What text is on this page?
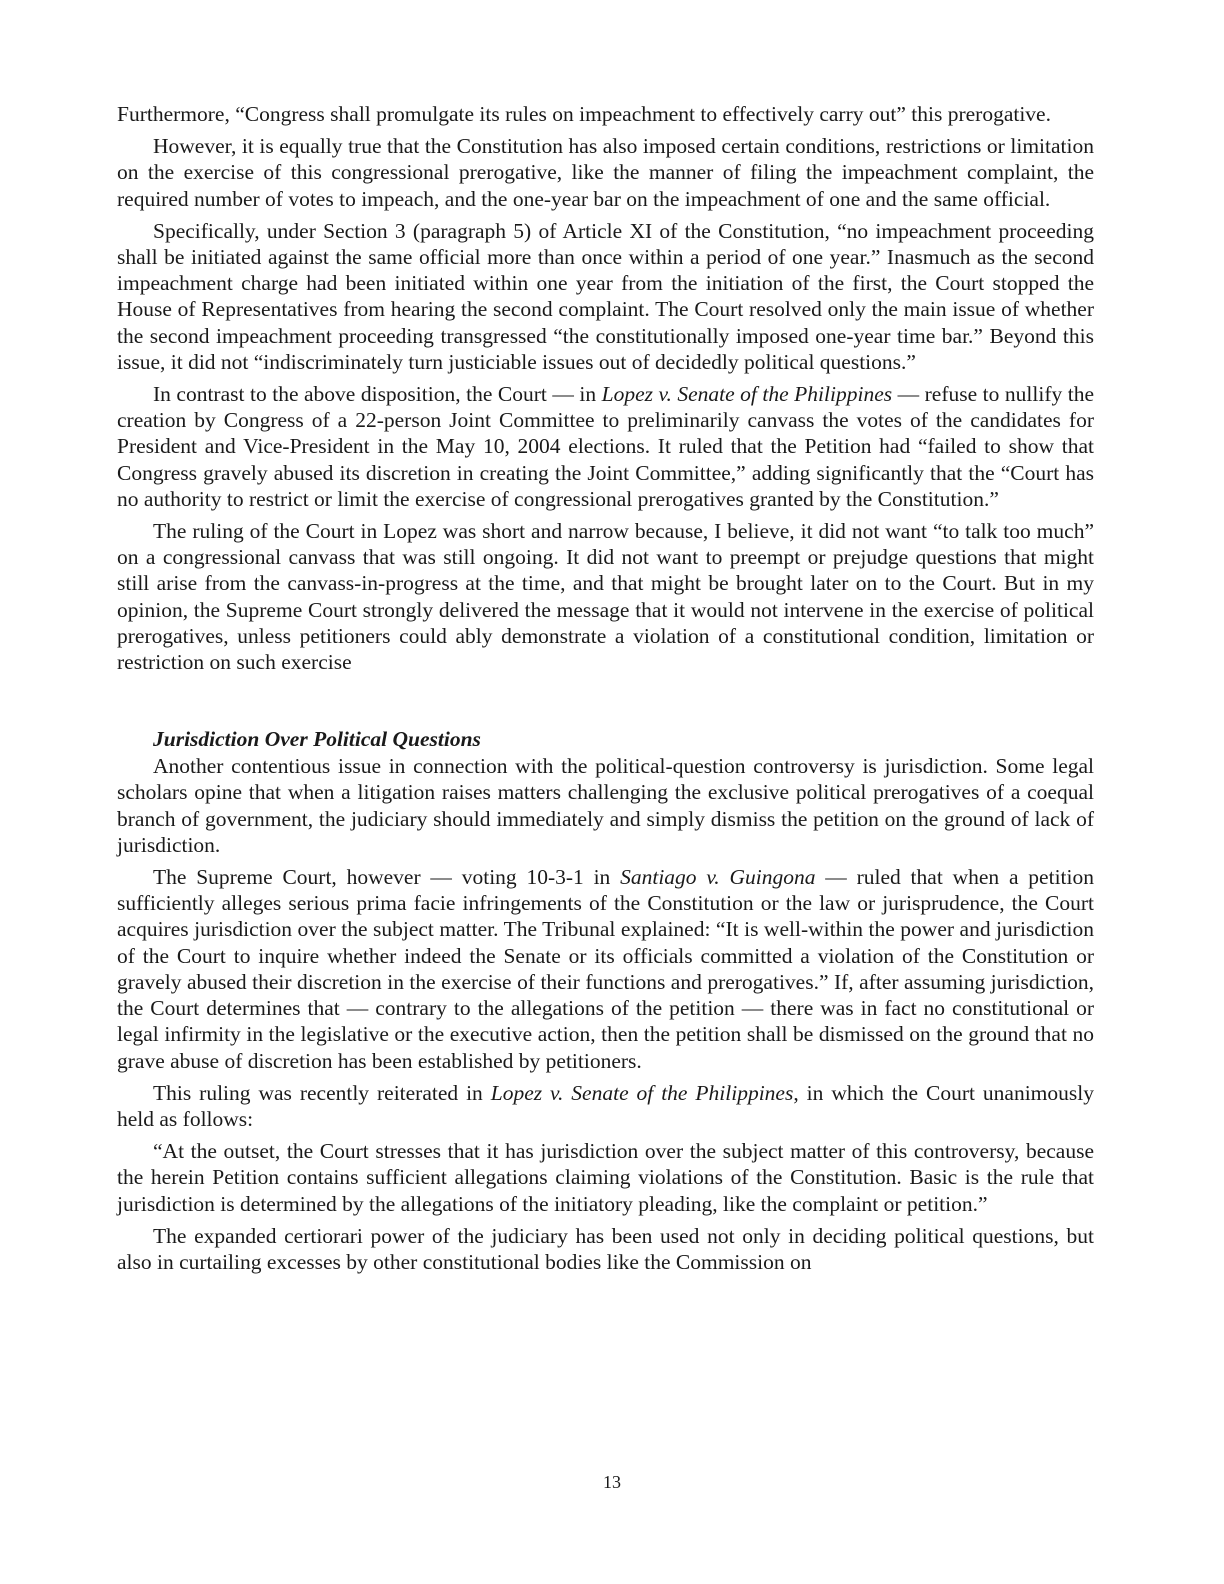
Furthermore, “Congress shall promulgate its rules on impeachment to effectively carry out” this prerogative.

However, it is equally true that the Constitution has also imposed certain conditions, restrictions or limitation on the exercise of this congressional prerogative, like the manner of filing the impeachment complaint, the required number of votes to impeach, and the one-year bar on the impeachment of one and the same official.

Specifically, under Section 3 (paragraph 5) of Article XI of the Constitution, “no impeachment proceeding shall be initiated against the same official more than once within a period of one year.” Inasmuch as the second impeachment charge had been initiated within one year from the initiation of the first, the Court stopped the House of Representatives from hearing the second complaint. The Court resolved only the main issue of whether the second impeachment proceeding transgressed “the constitutionally imposed one-year time bar.” Beyond this issue, it did not “indiscriminately turn justiciable issues out of decidedly political questions.”

In contrast to the above disposition, the Court — in Lopez v. Senate of the Philippines — refuse to nullify the creation by Congress of a 22-person Joint Committee to preliminarily canvass the votes of the candidates for President and Vice-President in the May 10, 2004 elections. It ruled that the Petition had “failed to show that Congress gravely abused its discretion in creating the Joint Committee,” adding significantly that the “Court has no authority to restrict or limit the exercise of congressional prerogatives granted by the Constitution.”

The ruling of the Court in Lopez was short and narrow because, I believe, it did not want “to talk too much” on a congressional canvass that was still ongoing. It did not want to preempt or prejudge questions that might still arise from the canvass-in-progress at the time, and that might be brought later on to the Court. But in my opinion, the Supreme Court strongly delivered the message that it would not intervene in the exercise of political prerogatives, unless petitioners could ably demonstrate a violation of a constitutional condition, limitation or restriction on such exercise

Jurisdiction Over Political Questions

Another contentious issue in connection with the political-question controversy is jurisdiction. Some legal scholars opine that when a litigation raises matters challenging the exclusive political prerogatives of a coequal branch of government, the judiciary should immediately and simply dismiss the petition on the ground of lack of jurisdiction.

The Supreme Court, however — voting 10-3-1 in Santiago v. Guingona — ruled that when a petition sufficiently alleges serious prima facie infringements of the Constitution or the law or jurisprudence, the Court acquires jurisdiction over the subject matter. The Tribunal explained: “It is well-within the power and jurisdiction of the Court to inquire whether indeed the Senate or its officials committed a violation of the Constitution or gravely abused their discretion in the exercise of their functions and prerogatives.” If, after assuming jurisdiction, the Court determines that — contrary to the allegations of the petition — there was in fact no constitutional or legal infirmity in the legislative or the executive action, then the petition shall be dismissed on the ground that no grave abuse of discretion has been established by petitioners.

This ruling was recently reiterated in Lopez v. Senate of the Philippines, in which the Court unanimously held as follows:

“At the outset, the Court stresses that it has jurisdiction over the subject matter of this controversy, because the herein Petition contains sufficient allegations claiming violations of the Constitution. Basic is the rule that jurisdiction is determined by the allegations of the initiatory pleading, like the complaint or petition.”

The expanded certiorari power of the judiciary has been used not only in deciding political questions, but also in curtailing excesses by other constitutional bodies like the Commission on

13
